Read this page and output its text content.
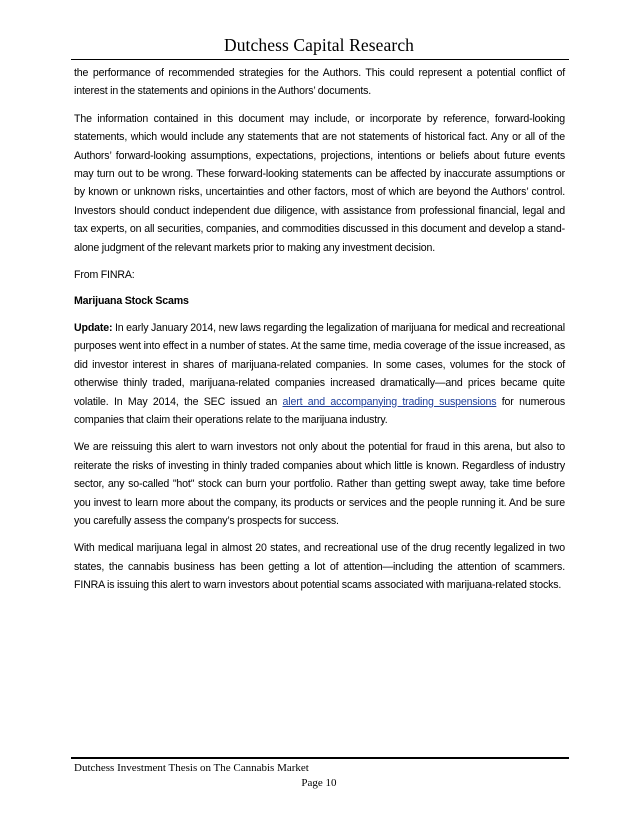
Dutchess Capital Research

the performance of recommended strategies for the Authors. This could represent a potential conflict of interest in the statements and opinions in the Authors’ documents.

The information contained in this document may include, or incorporate by reference, forward-looking statements, which would include any statements that are not statements of historical fact. Any or all of the Authors’ forward-looking assumptions, expectations, projections, intentions or beliefs about future events may turn out to be wrong. These forward-looking statements can be affected by inaccurate assumptions or by known or unknown risks, uncertainties and other factors, most of which are beyond the Authors’ control. Investors should conduct independent due diligence, with assistance from professional financial, legal and tax experts, on all securities, companies, and commodities discussed in this document and develop a stand-alone judgment of the relevant markets prior to making any investment decision.

From FINRA:

Marijuana Stock Scams

Update: In early January 2014, new laws regarding the legalization of marijuana for medical and recreational purposes went into effect in a number of states. At the same time, media coverage of the issue increased, as did investor interest in shares of marijuana-related companies. In some cases, volumes for the stock of otherwise thinly traded, marijuana-related companies increased dramatically—and prices became quite volatile. In May 2014, the SEC issued an alert and accompanying trading suspensions for numerous companies that claim their operations relate to the marijuana industry.

We are reissuing this alert to warn investors not only about the potential for fraud in this arena, but also to reiterate the risks of investing in thinly traded companies about which little is known. Regardless of industry sector, any so-called "hot" stock can burn your portfolio. Rather than getting swept away, take time before you invest to learn more about the company, its products or services and the people running it. And be sure you carefully assess the company’s prospects for success.

With medical marijuana legal in almost 20 states, and recreational use of the drug recently legalized in two states, the cannabis business has been getting a lot of attention—including the attention of scammers. FINRA is issuing this alert to warn investors about potential scams associated with marijuana-related stocks.

Dutchess Investment Thesis on The Cannabis Market
Page 10
